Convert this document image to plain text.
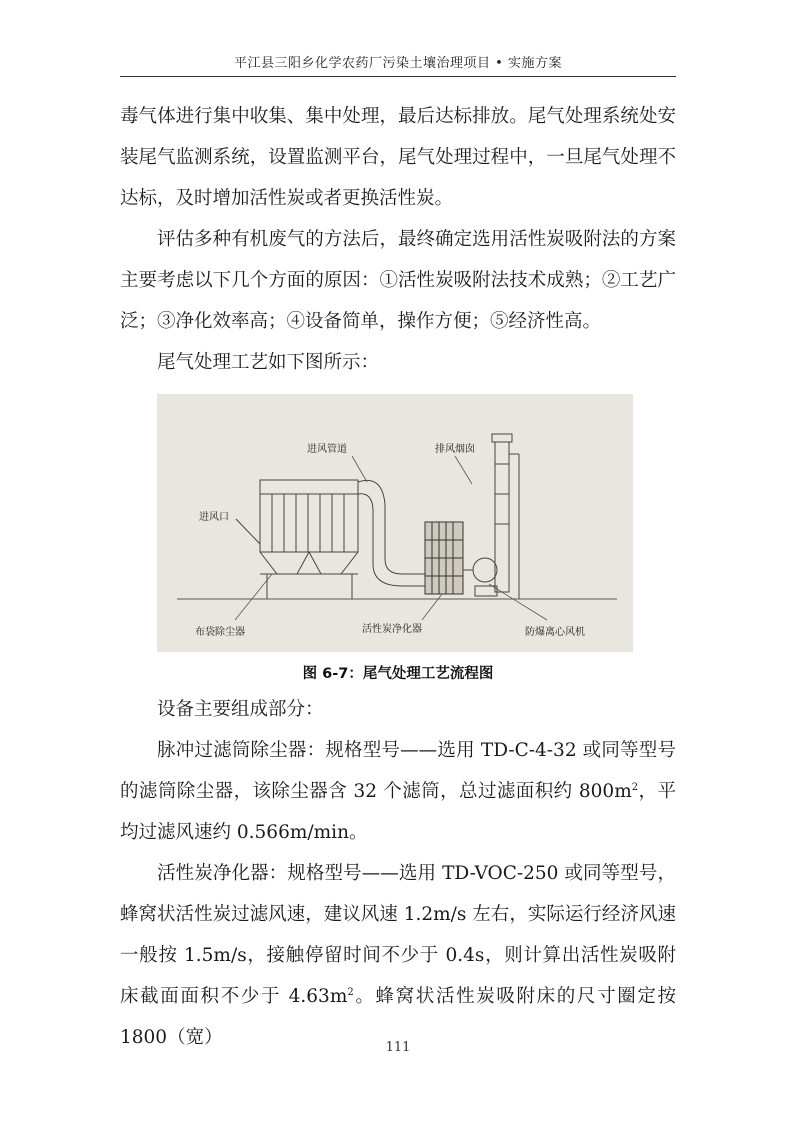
平江县三阳乡化学农药厂污染土壤治理项目 • 实施方案

毒气体进行集中收集、集中处理，最后达标排放。尾气处理系统处安装尾气监测系统，设置监测平台，尾气处理过程中，一旦尾气处理不达标，及时增加活性炭或者更换活性炭。

评估多种有机废气的方法后，最终确定选用活性炭吸附法的方案主要考虑以下几个方面的原因：①活性炭吸附法技术成熟；②工艺广泛；③净化效率高；④设备简单，操作方便；⑤经济性高。

尾气处理工艺如下图所示：

进风管道	排风烟囱
进风口
布袋除尘器	活性炭净化器	防爆离心风机
图 6-7：尾气处理工艺流程图

设备主要组成部分：

脉冲过滤筒除尘器：规格型号——选用 TD-C-4-32 或同等型号的滤筒除尘器，该除尘器含 32 个滤筒，总过滤面积约 $800m^2$，平均过滤风速约 0.566m/min。

活性炭净化器：规格型号——选用 TD-VOC-250 或同等型号，蜂窝状活性炭过滤风速，建议风速 1.2m/s 左右，实际运行经济风速一般按 1.5m/s，接触停留时间不少于 0.4s，则计算出活性炭吸附床截面面积不少于 $4.63m^2$。蜂窝状活性炭吸附床的尺寸圈定按 1800（宽）	111
